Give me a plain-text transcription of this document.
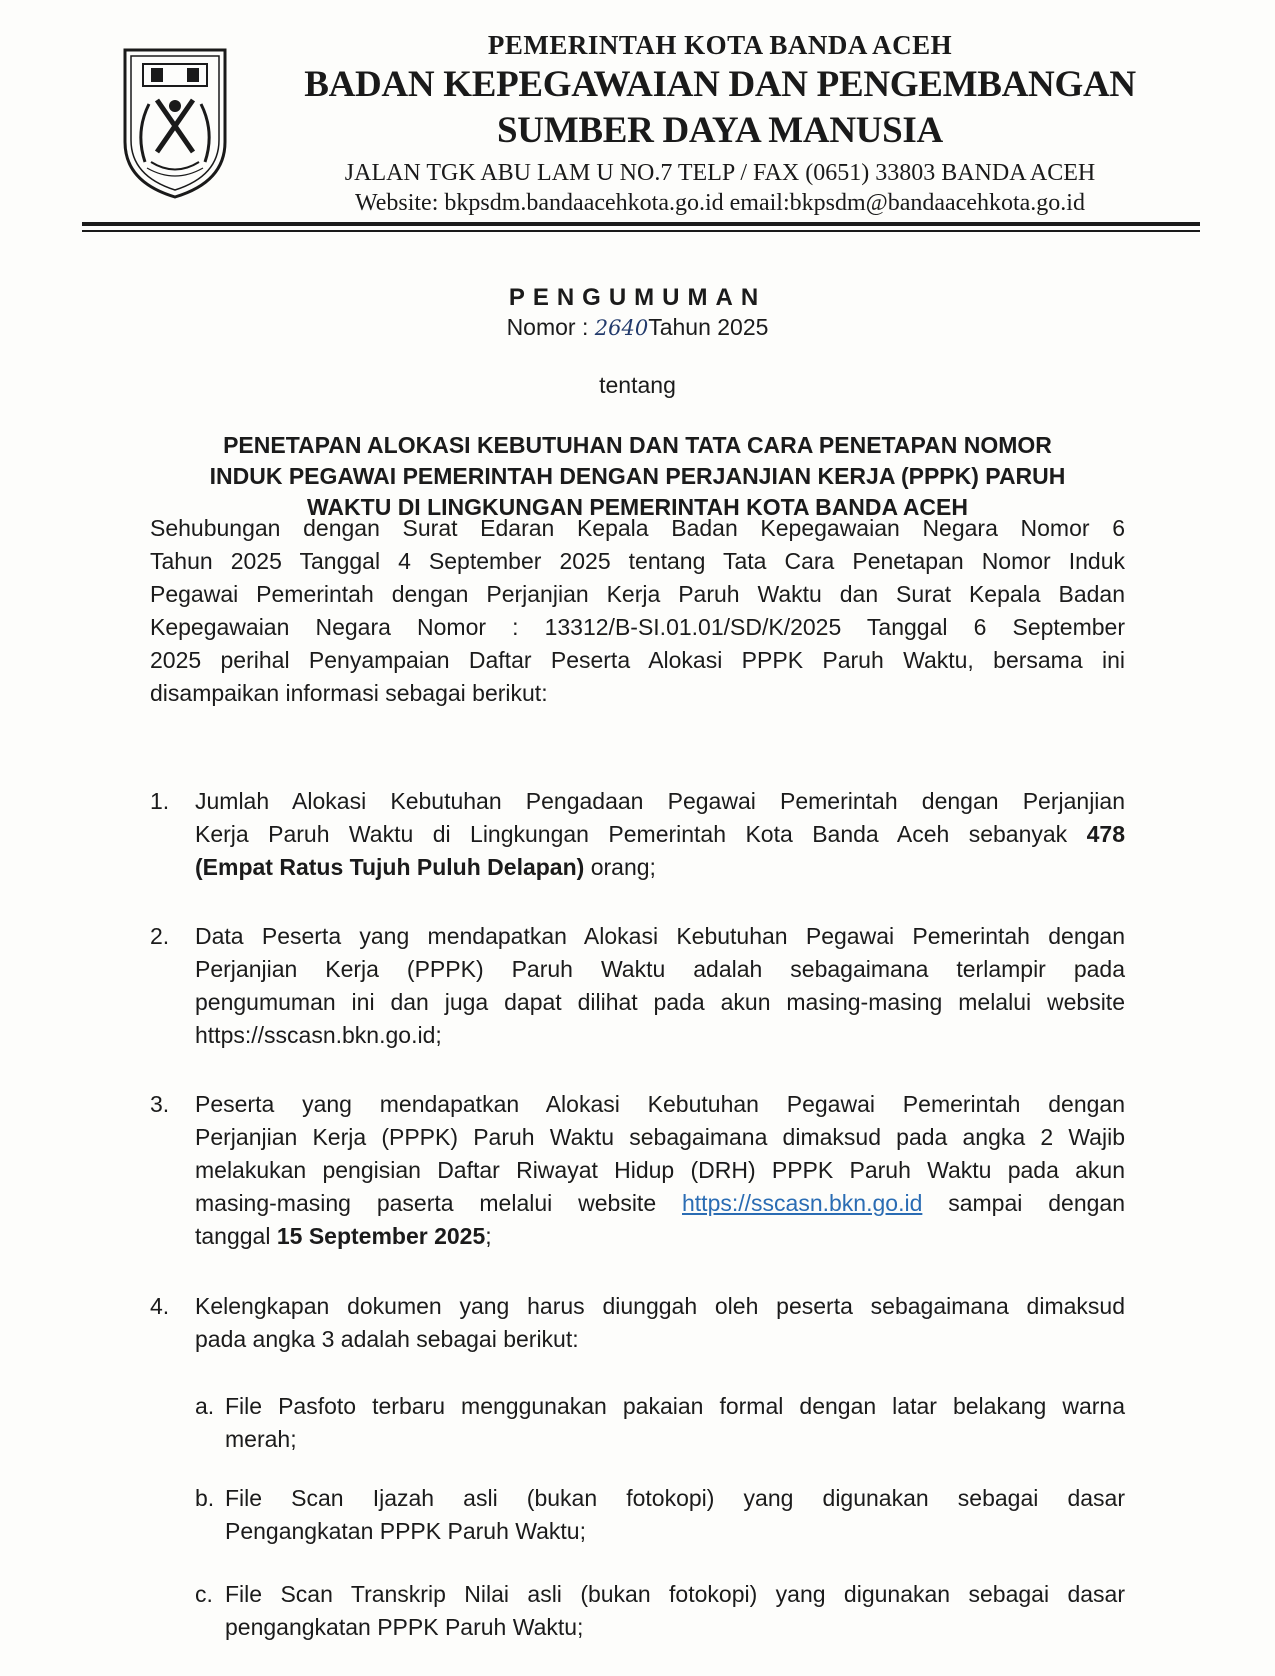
PEMERINTAH KOTA BANDA ACEH
BADAN KEPEGAWAIAN DAN PENGEMBANGAN
SUMBER DAYA MANUSIA
JALAN TGK ABU LAM U NO.7 TELP / FAX (0651) 33803 BANDA ACEH
Website: bkpsdm.bandaacehkota.go.id email:bkpsdm@bandaacehkota.go.id
PENGUMUMAN
Nomor : 2640Tahun 2025
tentang
PENETAPAN ALOKASI KEBUTUHAN DAN TATA CARA PENETAPAN NOMOR
INDUK PEGAWAI PEMERINTAH DENGAN PERJANJIAN KERJA (PPPK) PARUH
WAKTU DI LINGKUNGAN PEMERINTAH KOTA BANDA ACEH
Sehubungan dengan Surat Edaran Kepala Badan Kepegawaian Negara Nomor 6
Tahun 2025 Tanggal 4 September 2025 tentang Tata Cara Penetapan Nomor Induk
Pegawai Pemerintah dengan Perjanjian Kerja Paruh Waktu dan Surat Kepala Badan
Kepegawaian Negara Nomor : 13312/B-SI.01.01/SD/K/2025 Tanggal 6 September
2025 perihal Penyampaian Daftar Peserta Alokasi PPPK Paruh Waktu, bersama ini
disampaikan informasi sebagai berikut:
1.	Jumlah Alokasi Kebutuhan Pengadaan Pegawai Pemerintah dengan Perjanjian
Kerja Paruh Waktu di Lingkungan Pemerintah Kota Banda Aceh sebanyak 478
(Empat Ratus Tujuh Puluh Delapan) orang;
2.	Data Peserta yang mendapatkan Alokasi Kebutuhan Pegawai Pemerintah dengan
Perjanjian Kerja (PPPK) Paruh Waktu adalah sebagaimana terlampir pada
pengumuman ini dan juga dapat dilihat pada akun masing-masing melalui website
https://sscasn.bkn.go.id;
3.	Peserta yang mendapatkan Alokasi Kebutuhan Pegawai Pemerintah dengan
Perjanjian Kerja (PPPK) Paruh Waktu sebagaimana dimaksud pada angka 2 Wajib
melakukan pengisian Daftar Riwayat Hidup (DRH) PPPK Paruh Waktu pada akun
masing-masing paserta melalui website https://sscasn.bkn.go.id sampai dengan
tanggal 15 September 2025;
4.	Kelengkapan dokumen yang harus diunggah oleh peserta sebagaimana dimaksud
pada angka 3 adalah sebagai berikut:
a. File Pasfoto terbaru menggunakan pakaian formal dengan latar belakang warna
merah;
b. File Scan Ijazah asli (bukan fotokopi) yang digunakan sebagai dasar
Pengangkatan PPPK Paruh Waktu;
c. File Scan Transkrip Nilai asli (bukan fotokopi) yang digunakan sebagai dasar
pengangkatan PPPK Paruh Waktu;
